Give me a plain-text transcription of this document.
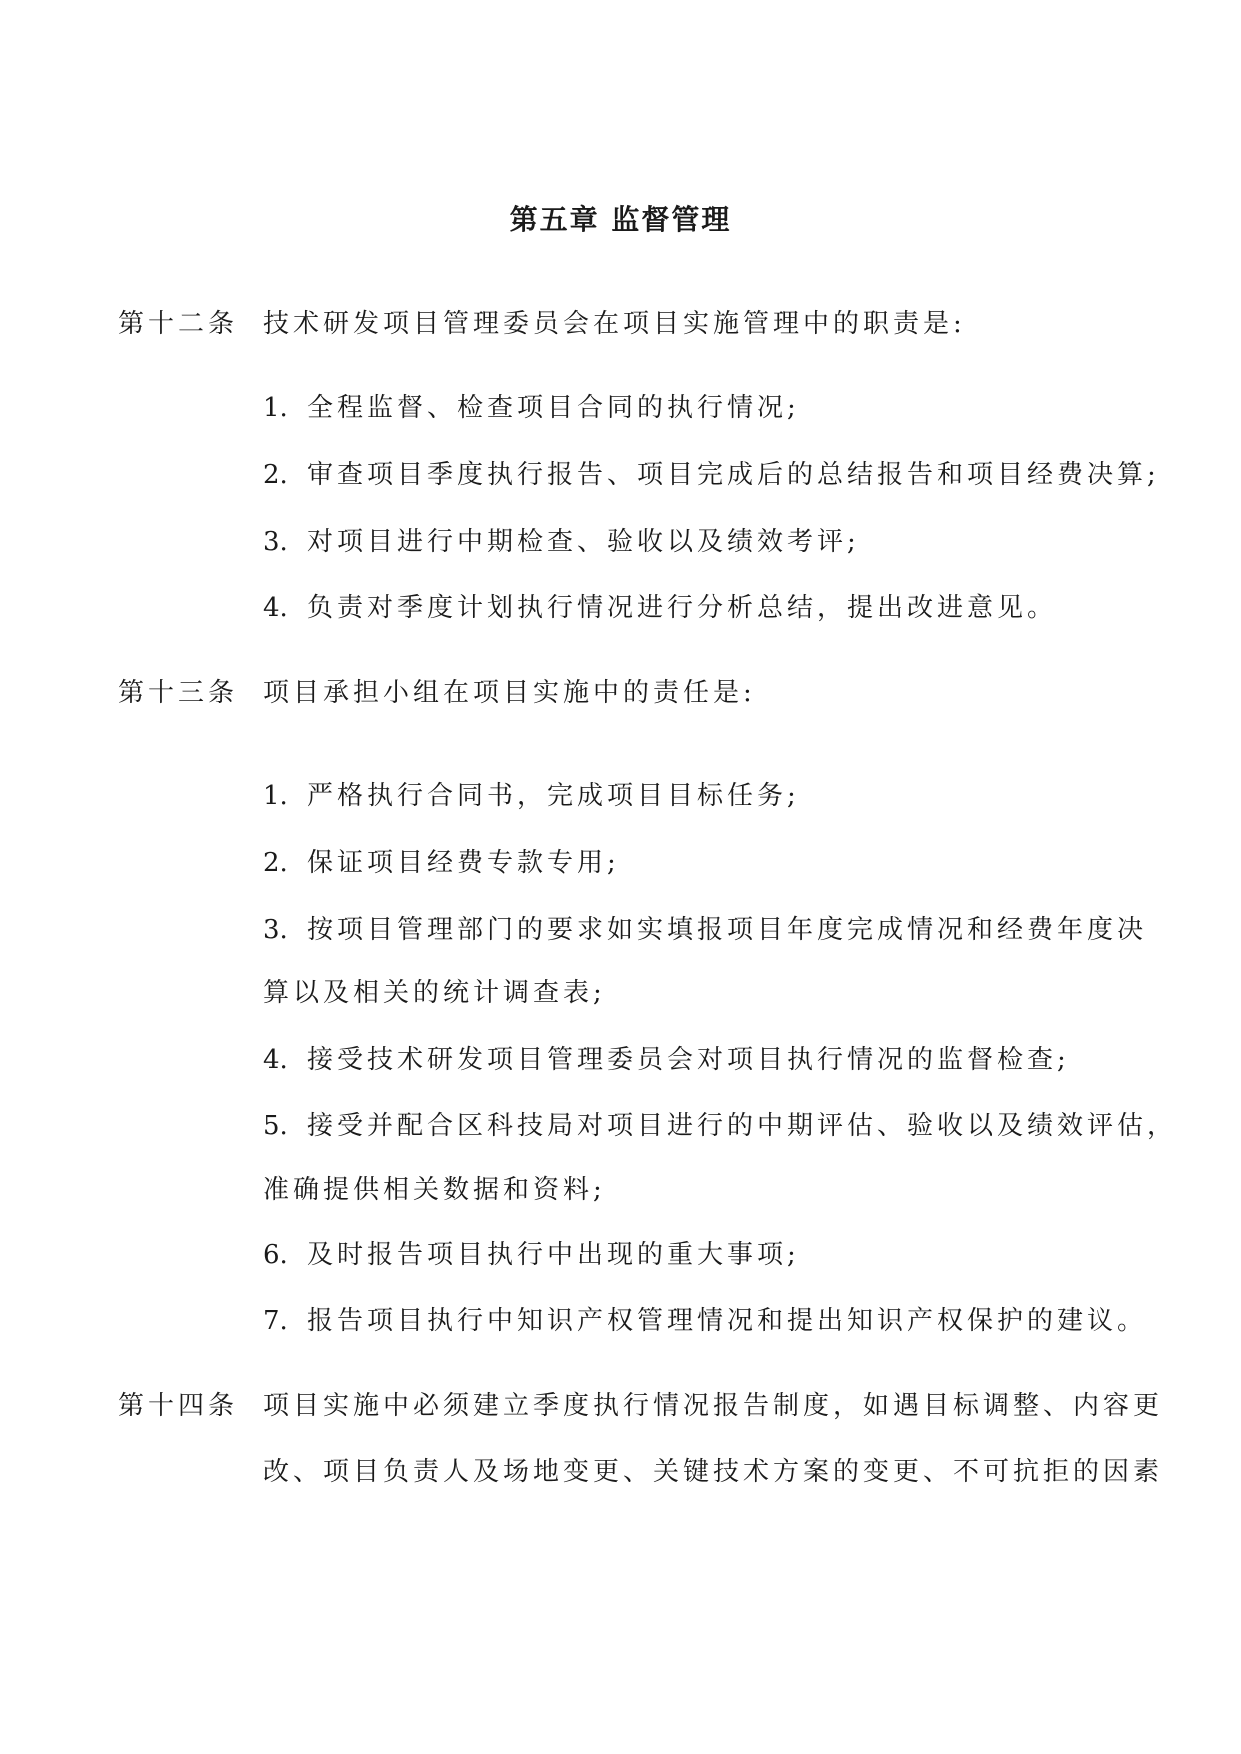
第五章 监督管理
第十二条 技术研发项目管理委员会在项目实施管理中的职责是:
1. 全程监督、检查项目合同的执行情况;
2. 审查项目季度执行报告、项目完成后的总结报告和项目经费决算;
3. 对项目进行中期检查、验收以及绩效考评;
4. 负责对季度计划执行情况进行分析总结，提出改进意见。
第十三条 项目承担小组在项目实施中的责任是:
1. 严格执行合同书，完成项目目标任务;
2. 保证项目经费专款专用;
3. 按项目管理部门的要求如实填报项目年度完成情况和经费年度决
算以及相关的统计调查表;
4. 接受技术研发项目管理委员会对项目执行情况的监督检查;
5. 接受并配合区科技局对项目进行的中期评估、验收以及绩效评估，
准确提供相关数据和资料;
6. 及时报告项目执行中出现的重大事项;
7. 报告项目执行中知识产权管理情况和提出知识产权保护的建议。
第十四条 项目实施中必须建立季度执行情况报告制度，如遇目标调整、内容更
改、项目负责人及场地变更、关键技术方案的变更、不可抗拒的因素
